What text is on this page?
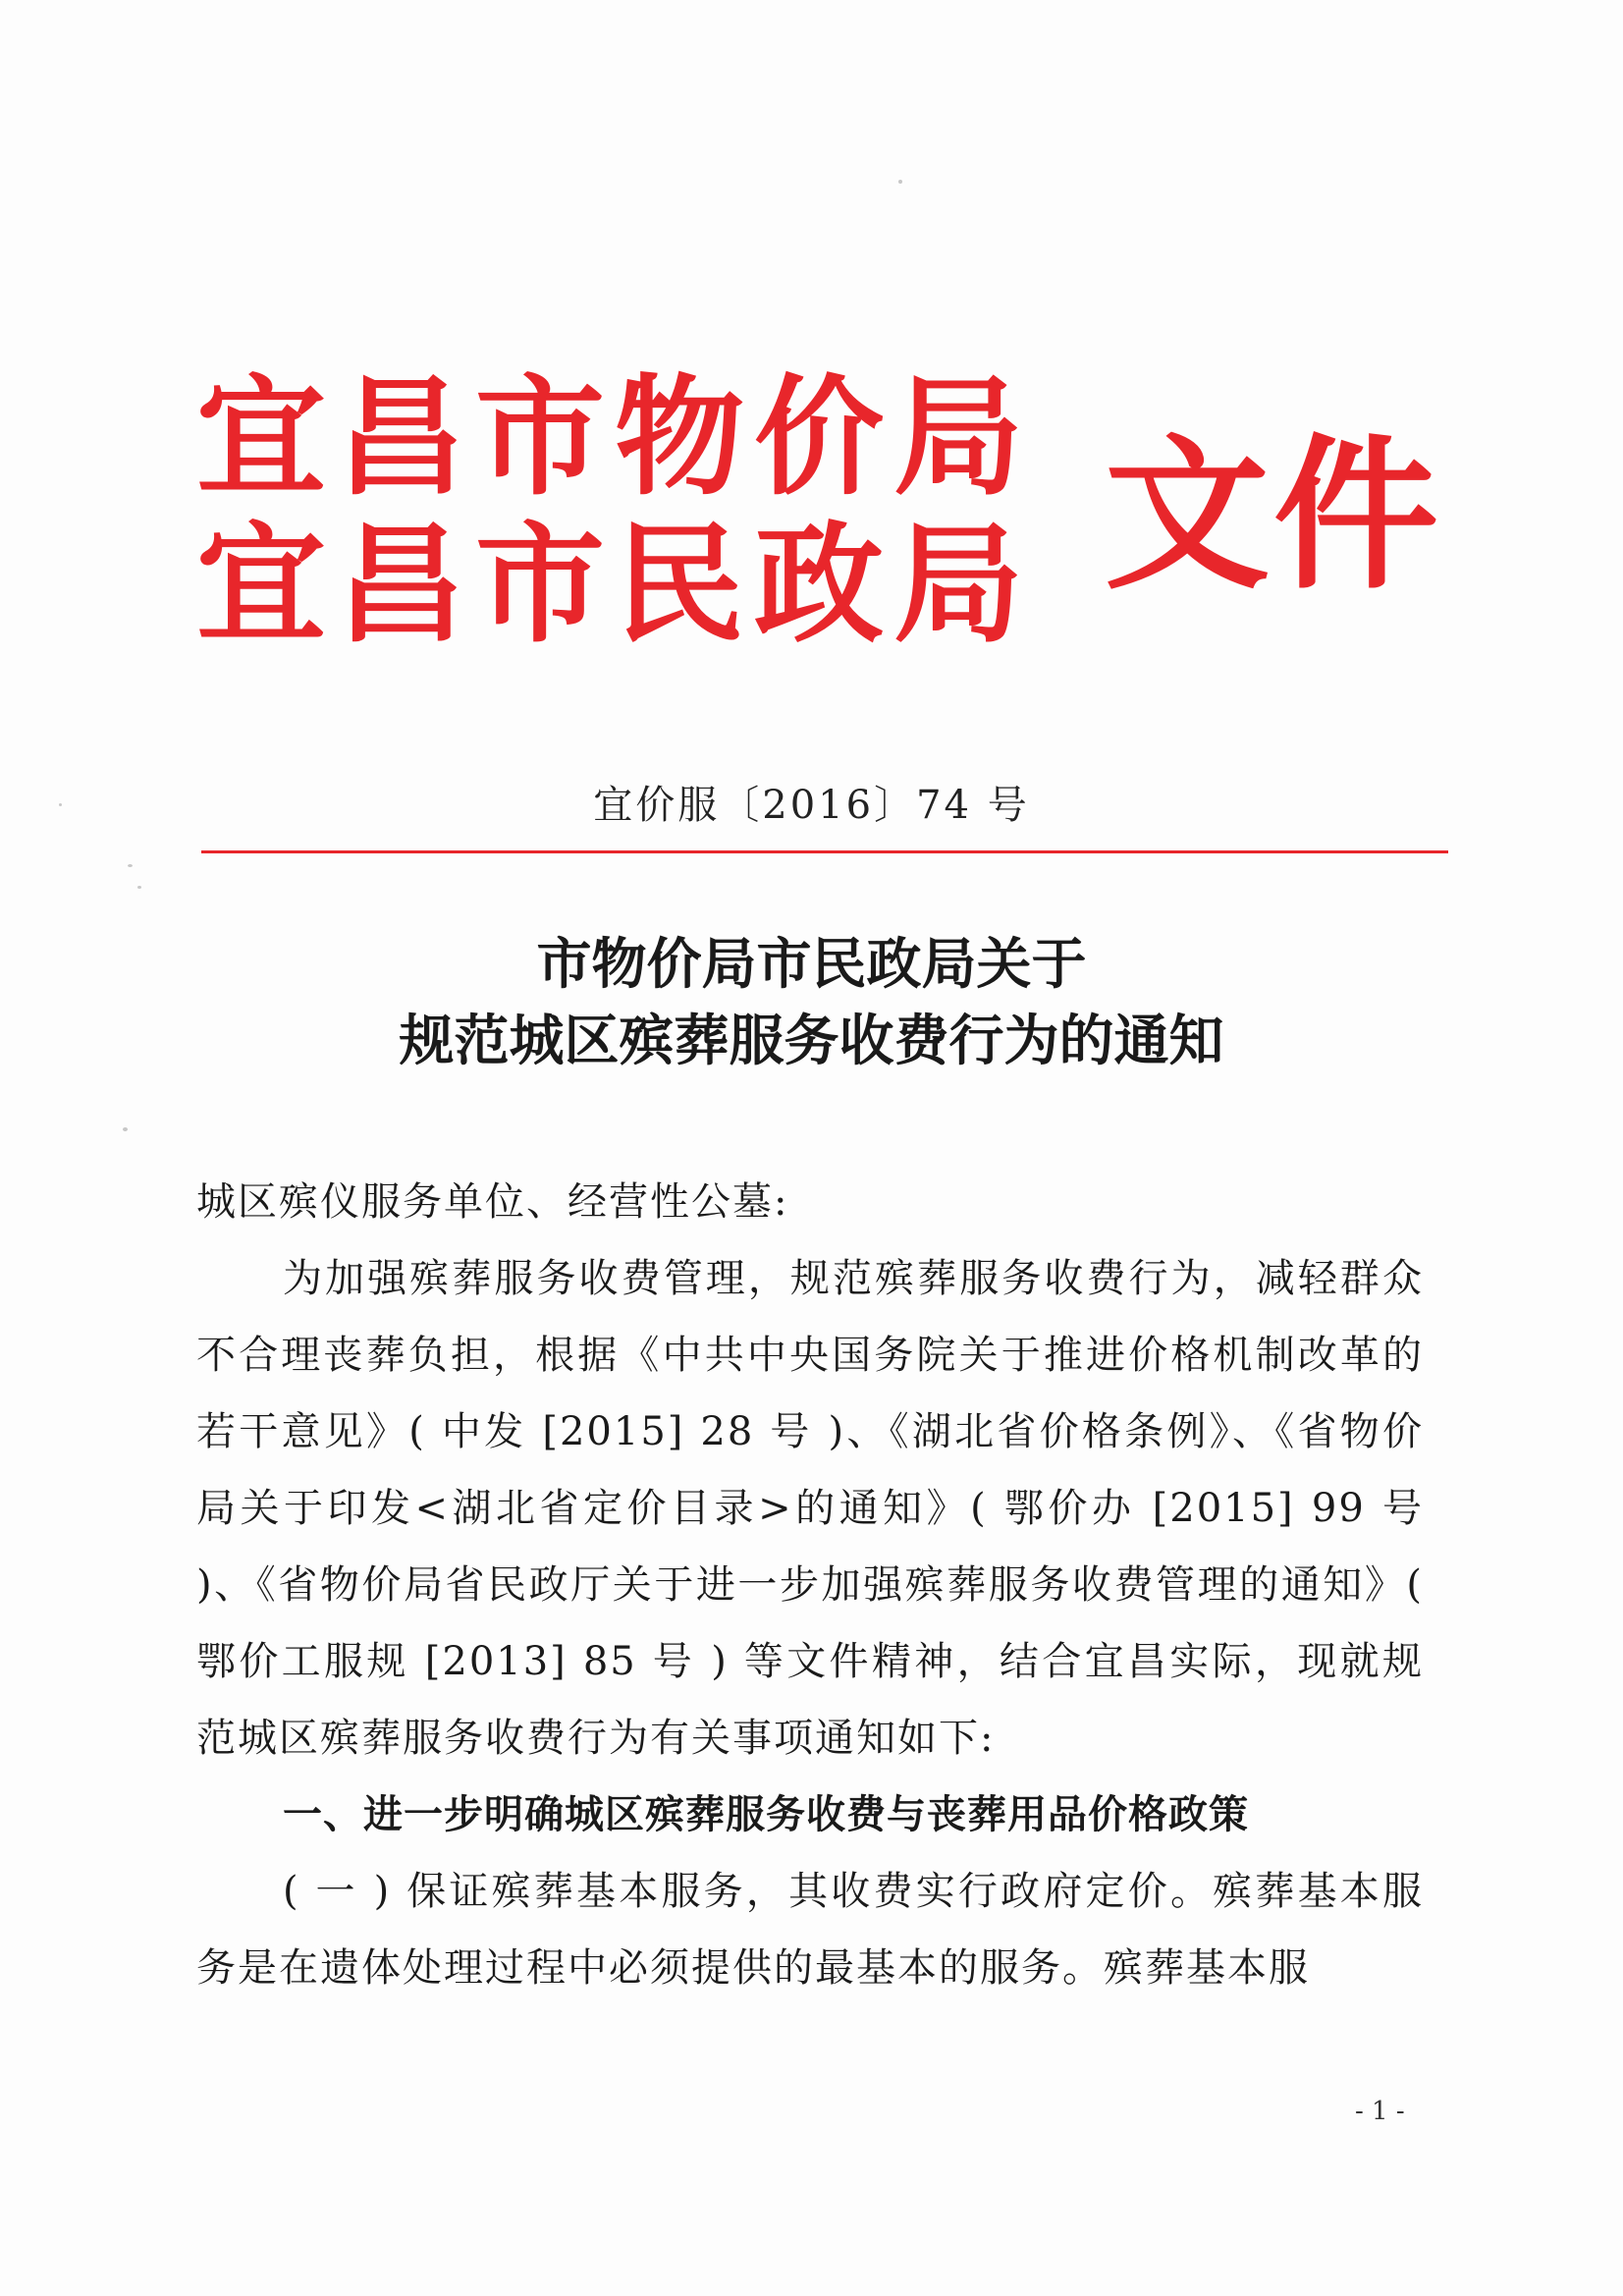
宜昌市物价局
宜昌市民政局 文件
宜价服〔2016〕74 号
市物价局市民政局关于
规范城区殡葬服务收费行为的通知

城区殡仪服务单位、经营性公墓:

为加强殡葬服务收费管理，规范殡葬服务收费行为，减轻群众不合理丧葬负担，根据《中共中央国务院关于推进价格机制改革的若干意见》( 中发 [2015] 28 号 )、《湖北省价格条例》、《省物价局关于印发<湖北省定价目录>的通知》( 鄂价办 [2015] 99 号 )、《省物价局省民政厅关于进一步加强殡葬服务收费管理的通知》( 鄂价工服规 [2013] 85 号 ) 等文件精神，结合宜昌实际，现就规范城区殡葬服务收费行为有关事项通知如下:

一、进一步明确城区殡葬服务收费与丧葬用品价格政策

( 一 ) 保证殡葬基本服务，其收费实行政府定价。殡葬基本服务是在遗体处理过程中必须提供的最基本的服务。殡葬基本服

- 1 -
